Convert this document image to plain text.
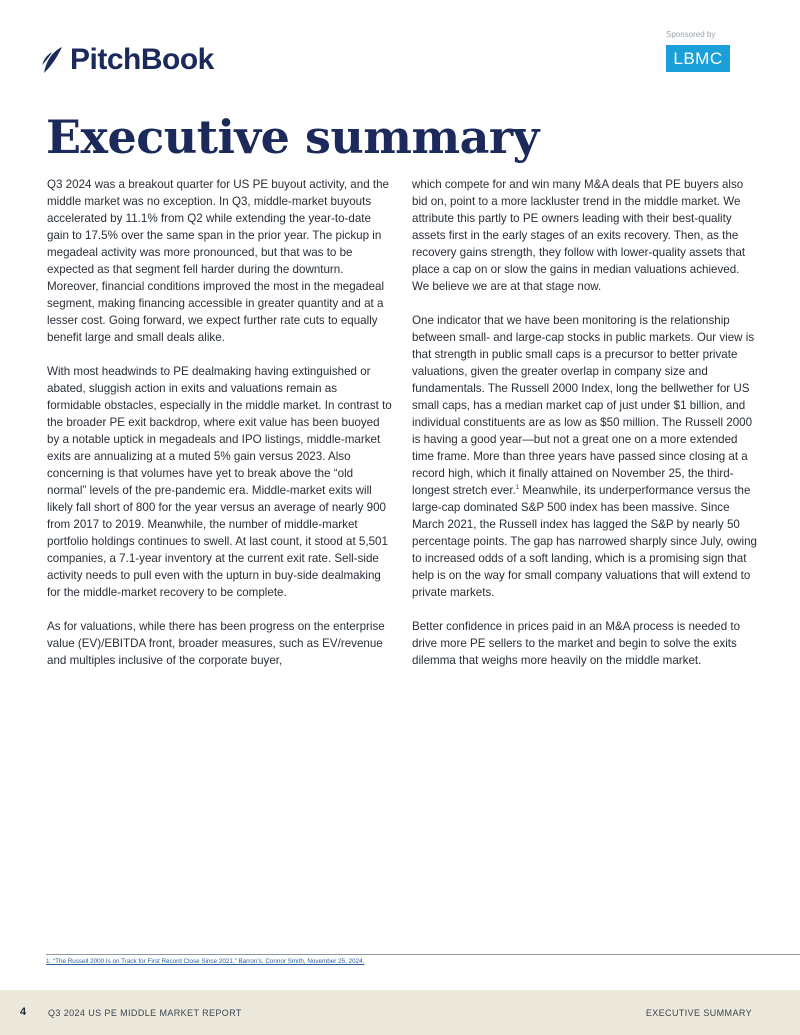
PitchBook
Sponsored by
LBMC
Executive summary

Q3 2024 was a breakout quarter for US PE buyout activity, and the middle market was no exception. In Q3, middle-market buyouts accelerated by 11.1% from Q2 while extending the year-to-date gain to 17.5% over the same span in the prior year. The pickup in megadeal activity was more pronounced, but that was to be expected as that segment fell harder during the downturn. Moreover, financial conditions improved the most in the megadeal segment, making financing accessible in greater quantity and at a lesser cost. Going forward, we expect further rate cuts to equally benefit large and small deals alike.

With most headwinds to PE dealmaking having extinguished or abated, sluggish action in exits and valuations remain as formidable obstacles, especially in the middle market. In contrast to the broader PE exit backdrop, where exit value has been buoyed by a notable uptick in megadeals and IPO listings, middle-market exits are annualizing at a muted 5% gain versus 2023. Also concerning is that volumes have yet to break above the “old normal” levels of the pre-pandemic era. Middle-market exits will likely fall short of 800 for the year versus an average of nearly 900 from 2017 to 2019. Meanwhile, the number of middle-market portfolio holdings continues to swell. At last count, it stood at 5,501 companies, a 7.1-year inventory at the current exit rate. Sell-side activity needs to pull even with the upturn in buy-side dealmaking for the middle-market recovery to be complete.

As for valuations, while there has been progress on the enterprise value (EV)/EBITDA front, broader measures, such as EV/revenue and multiples inclusive of the corporate buyer,

which compete for and win many M&A deals that PE buyers also bid on, point to a more lackluster trend in the middle market. We attribute this partly to PE owners leading with their best-quality assets first in the early stages of an exits recovery. Then, as the recovery gains strength, they follow with lower-quality assets that place a cap on or slow the gains in median valuations achieved. We believe we are at that stage now.

One indicator that we have been monitoring is the relationship between small- and large-cap stocks in public markets. Our view is that strength in public small caps is a precursor to better private valuations, given the greater overlap in company size and fundamentals. The Russell 2000 Index, long the bellwether for US small caps, has a median market cap of just under $1 billion, and individual constituents are as low as $50 million. The Russell 2000 is having a good year—but not a great one on a more extended time frame. More than three years have passed since closing at a record high, which it finally attained on November 25, the third-longest stretch ever.$^1$ Meanwhile, its underperformance versus the large-cap dominated S&P 500 index has been massive. Since March 2021, the Russell index has lagged the S&P by nearly 50 percentage points. The gap has narrowed sharply since July, owing to increased odds of a soft landing, which is a promising sign that help is on the way for small company valuations that will extend to private markets.

Better confidence in prices paid in an M&A process is needed to drive more PE sellers to the market and begin to solve the exits dilemma that weighs more heavily on the middle market.

1: “The Russell 2000 Is on Track for First Record Close Since 2021,” Barron’s, Connor Smith, November 25, 2024.
4 Q3 2024 US PE MIDDLE MARKET REPORT	EXECUTIVE SUMMARY
